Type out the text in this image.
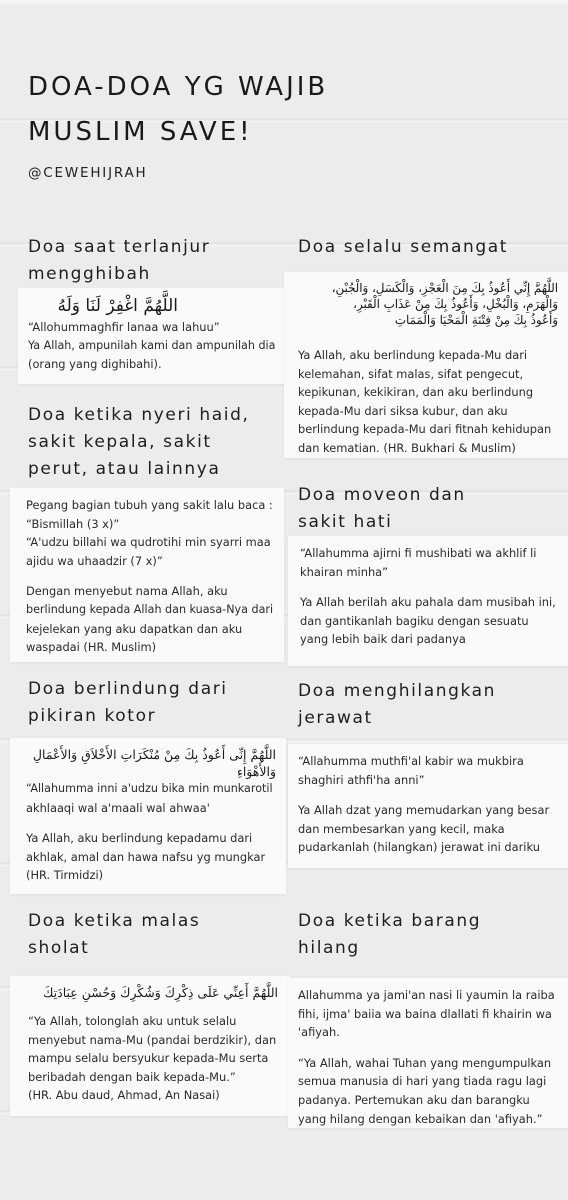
DOA-DOA YG WAJIB
MUSLIM SAVE!
@CEWEHIJRAH
Doa saat terlanjur
mengghibah

اللَّهُمَّ اغْفِرْ لَنَا وَلَهُ

“Allohummaghfir lanaa wa lahuu”

Ya Allah, ampunilah kami dan ampunilah dia

(orang yang dighibahi).

Doa selalu semangat

اللَّهُمَّ إِنِّي أَعُوذُ بِكَ مِنَ الْعَجْزِ، وَالْكَسَلِ، وَالْجُبْنِ،

وَالْهَرَمِ، وَالْبُخْلِ، وَأَعُوذُ بِكَ مِنْ عَذَابِ الْقَبْرِ،

وَأَعُوذُ بِكَ مِنْ فِتْنَةِ الْمَحْيَا وَالْمَمَاتِ

Ya Allah, aku berlindung kepada-Mu dari

kelemahan, sifat malas, sifat pengecut,

kepikunan, kekikiran, dan aku berlindung

kepada-Mu dari siksa kubur, dan aku

berlindung kepada-Mu dari fitnah kehidupan

dan kematian. (HR. Bukhari & Muslim)

Doa ketika nyeri haid,
sakit kepala, sakit
perut, atau lainnya

Pegang bagian tubuh yang sakit lalu baca :

“Bismillah (3 x)”

“A'udzu billahi wa qudrotihi min syarri maa

ajidu wa uhaadzir (7 x)”

Dengan menyebut nama Allah, aku

berlindung kepada Allah dan kuasa-Nya dari

kejelekan yang aku dapatkan dan aku

waspadai (HR. Muslim)

Doa moveon dan
sakit hati

“Allahumma ajirni fi mushibati wa akhlif li

khairan minha”

Ya Allah berilah aku pahala dam musibah ini,

dan gantikanlah bagiku dengan sesuatu

yang lebih baik dari padanya

Doa berlindung dari
pikiran kotor

اللَّهُمَّ إِنِّى أَعُوذُ بِكَ مِنْ مُنْكَرَاتِ الأَخْلاَقِ وَالأَعْمَالِ

وَالأَهْوَاءِ

“Allahumma inni a'udzu bika min munkarotil

akhlaaqi wal a'maali wal ahwaa'

Ya Allah, aku berlindung kepadamu dari

akhlak, amal dan hawa nafsu yg mungkar

(HR. Tirmidzi)

Doa menghilangkan
jerawat

“Allahumma muthfi'al kabir wa mukbira

shaghiri athfi'ha anni”

Ya Allah dzat yang memudarkan yang besar

dan membesarkan yang kecil, maka

pudarkanlah (hilangkan) jerawat ini dariku

Doa ketika malas
sholat

اللَّهُمَّ أَعِنِّي عَلَى ذِكْرِكَ وَشُكْرِكَ وَحُسْنِ عِبَادَتِكَ

“Ya Allah, tolonglah aku untuk selalu

menyebut nama-Mu (pandai berdzikir), dan

mampu selalu bersyukur kepada-Mu serta

beribadah dengan baik kepada-Mu.”

(HR. Abu daud, Ahmad, An Nasai)

Doa ketika barang
hilang

Allahumma ya jami'an nasi li yaumin la raiba

fihi, ijma' baiia wa baina dlallati fi khairin wa

'afiyah.

“Ya Allah, wahai Tuhan yang mengumpulkan

semua manusia di hari yang tiada ragu lagi

padanya. Pertemukan aku dan barangku

yang hilang dengan kebaikan dan 'afiyah.”
